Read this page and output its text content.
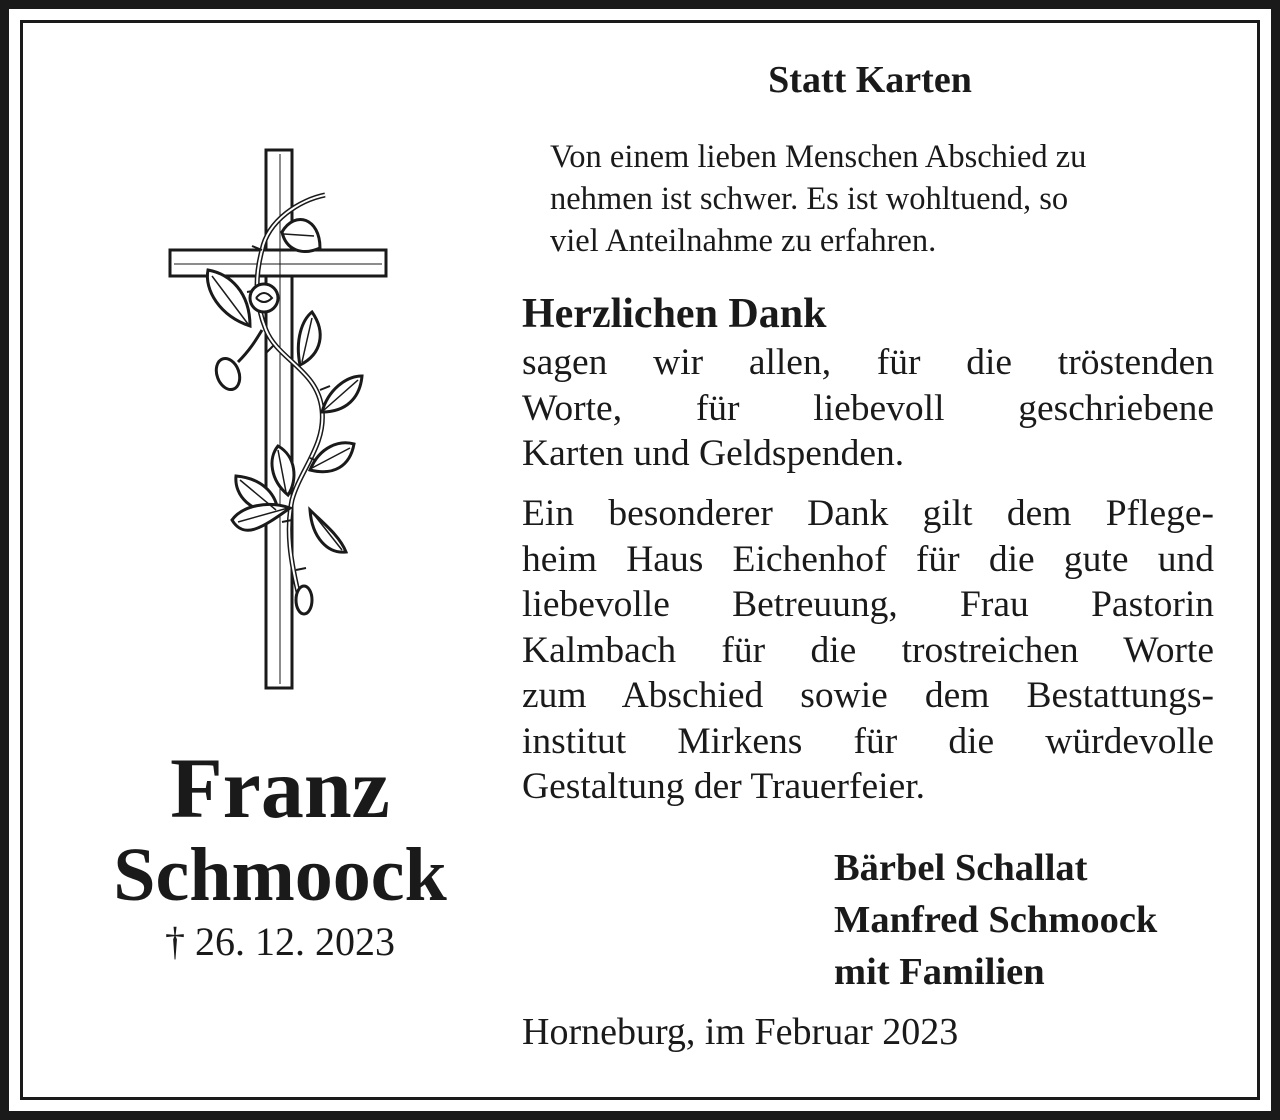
Franz
Schmoock
† 26. 12. 2023
Statt Karten
Von einem lieben Menschen Abschied zu
nehmen ist schwer. Es ist wohltuend, so
viel Anteilnahme zu erfahren.
Herzlichen Dank
sagen wir allen, für die tröstenden
Worte, für liebevoll geschriebene
Karten und Geldspenden.
Ein besonderer Dank gilt dem Pflege-
heim Haus Eichenhof für die gute und
liebevolle Betreuung, Frau Pastorin
Kalmbach für die trostreichen Worte
zum Abschied sowie dem Bestattungs-
institut Mirkens für die würdevolle
Gestaltung der Trauerfeier.
Bärbel Schallat
Manfred Schmoock
mit Familien
Horneburg, im Februar 2023
